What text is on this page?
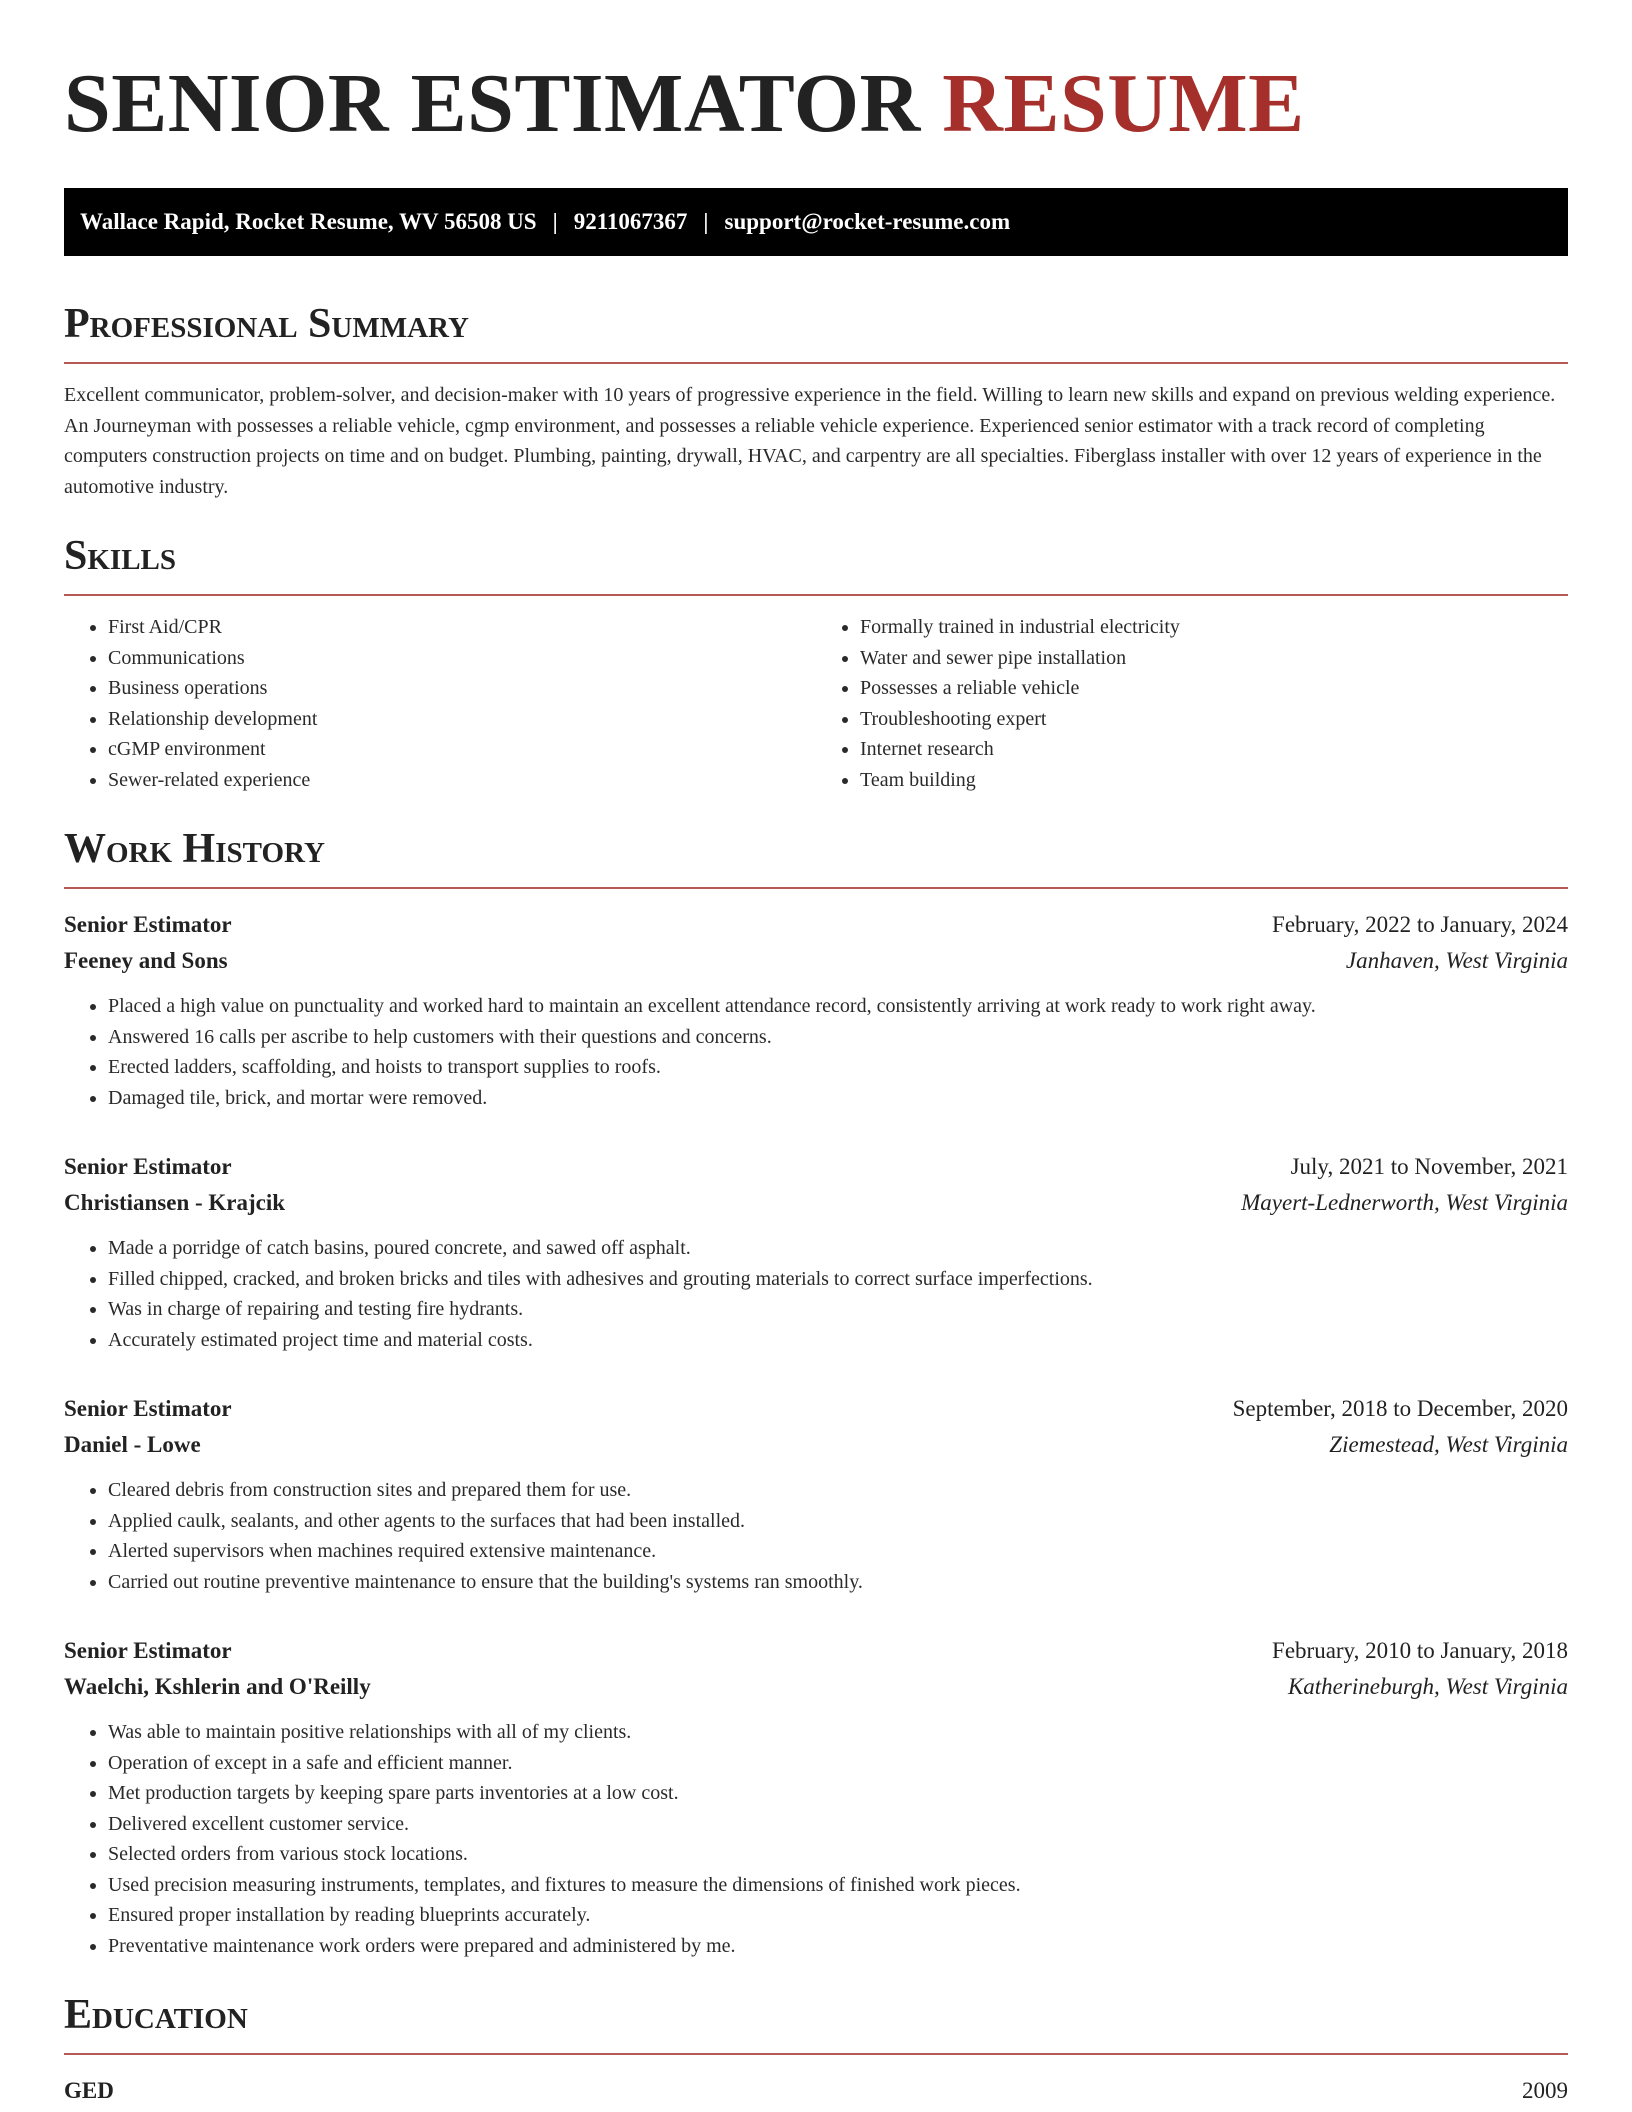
SENIOR ESTIMATOR RESUME
Wallace Rapid, Rocket Resume, WV 56508 US | 9211067367 | support@rocket-resume.com
Professional Summary

Excellent communicator, problem-solver, and decision-maker with 10 years of progressive experience in the field. Willing to learn new skills and expand on previous welding experience. An Journeyman with possesses a reliable vehicle, cgmp environment, and possesses a reliable vehicle experience. Experienced senior estimator with a track record of completing computers construction projects on time and on budget. Plumbing, painting, drywall, HVAC, and carpentry are all specialties. Fiberglass installer with over 12 years of experience in the automotive industry.

Skills
• First Aid/CPR
• Communications
• Business operations
• Relationship development
• cGMP environment
• Sewer-related experience
• Formally trained in industrial electricity
• Water and sewer pipe installation
• Possesses a reliable vehicle
• Troubleshooting expert
• Internet research
• Team building
Work History
Senior Estimator	February, 2022 to January, 2024
Feeney and Sons	Janhaven, West Virginia
• Placed a high value on punctuality and worked hard to maintain an excellent attendance record, consistently arriving at work ready to work right away.
• Answered 16 calls per ascribe to help customers with their questions and concerns.
• Erected ladders, scaffolding, and hoists to transport supplies to roofs.
• Damaged tile, brick, and mortar were removed.
Senior Estimator	July, 2021 to November, 2021
Christiansen - Krajcik	Mayert-Lednerworth, West Virginia
• Made a porridge of catch basins, poured concrete, and sawed off asphalt.
• Filled chipped, cracked, and broken bricks and tiles with adhesives and grouting materials to correct surface imperfections.
• Was in charge of repairing and testing fire hydrants.
• Accurately estimated project time and material costs.
Senior Estimator	September, 2018 to December, 2020
Daniel - Lowe	Ziemestead, West Virginia
• Cleared debris from construction sites and prepared them for use.
• Applied caulk, sealants, and other agents to the surfaces that had been installed.
• Alerted supervisors when machines required extensive maintenance.
• Carried out routine preventive maintenance to ensure that the building's systems ran smoothly.
Senior Estimator	February, 2010 to January, 2018
Waelchi, Kshlerin and O'Reilly	Katherineburgh, West Virginia
• Was able to maintain positive relationships with all of my clients.
• Operation of except in a safe and efficient manner.
• Met production targets by keeping spare parts inventories at a low cost.
• Delivered excellent customer service.
• Selected orders from various stock locations.
• Used precision measuring instruments, templates, and fixtures to measure the dimensions of finished work pieces.
• Ensured proper installation by reading blueprints accurately.
• Preventative maintenance work orders were prepared and administered by me.
Education
GED	2009
